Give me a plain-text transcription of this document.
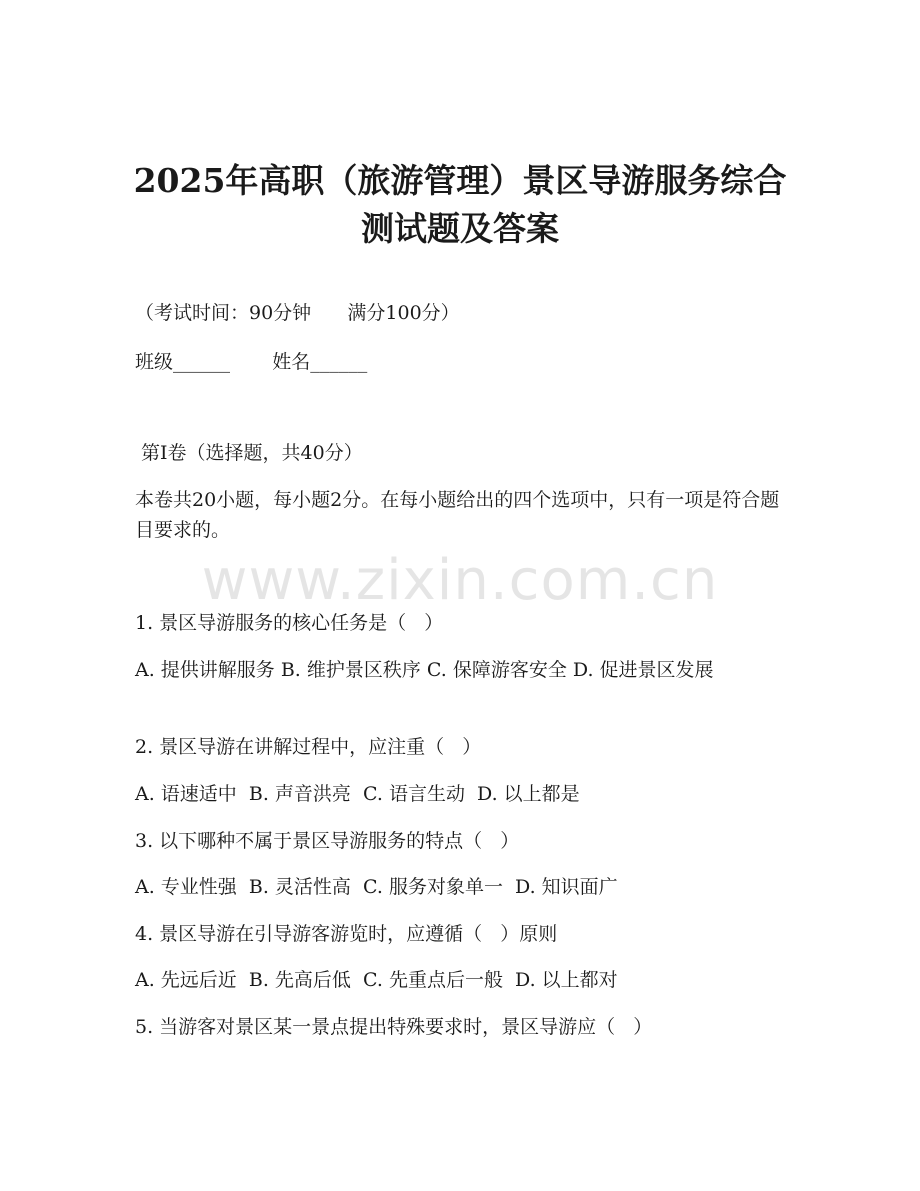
2025年高职（旅游管理）景区导游服务综合
测试题及答案

（考试时间：90分钟      满分100分）

班级______       姓名______

第I卷（选择题，共40分）

本卷共20小题，每小题2分。在每小题给出的四个选项中，只有一项是符合题目要求的。

www.zixin.com.cn

1. 景区导游服务的核心任务是（   ）

A. 提供讲解服务 B. 维护景区秩序 C. 保障游客安全 D. 促进景区发展

2. 景区导游在讲解过程中，应注重（   ）

A. 语速适中  B. 声音洪亮  C. 语言生动  D. 以上都是

3. 以下哪种不属于景区导游服务的特点（   ）

A. 专业性强  B. 灵活性高  C. 服务对象单一  D. 知识面广

4. 景区导游在引导游客游览时，应遵循（   ）原则

A. 先远后近  B. 先高后低  C. 先重点后一般  D. 以上都对

5. 当游客对景区某一景点提出特殊要求时，景区导游应（   ）
